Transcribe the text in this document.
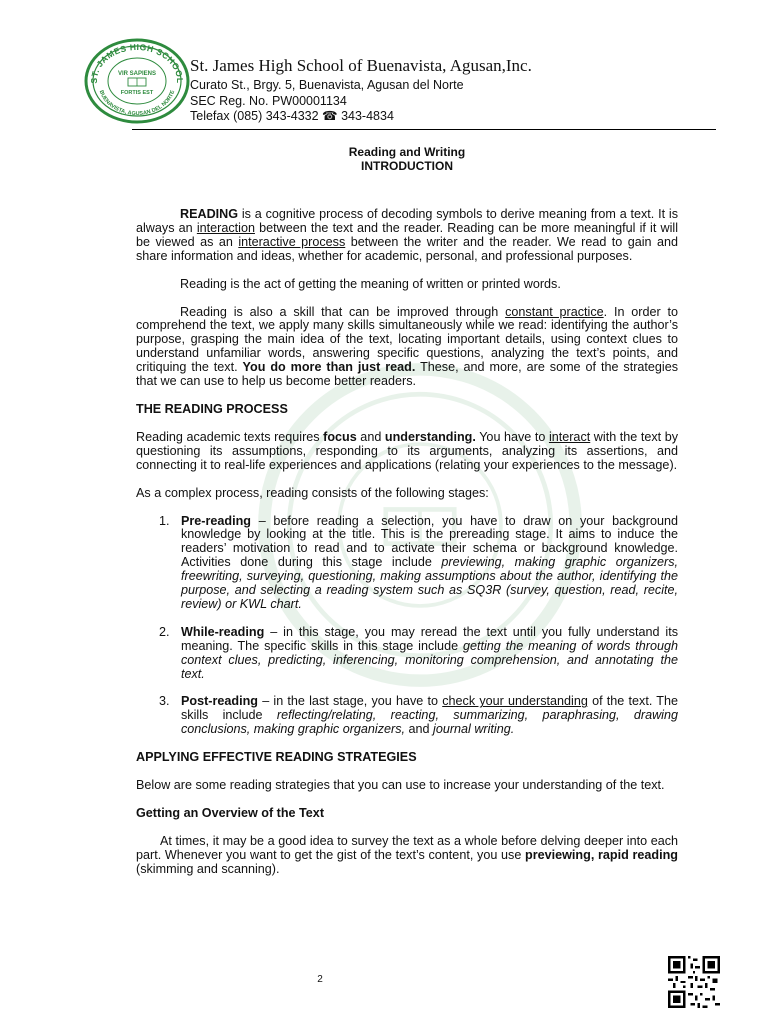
ST. JAMES HIGH SCHOOL
BUENAVISTA, AGUSAN DEL NORTE
VIR SAPIENS
FORTIS EST

St. James High School of Buenavista, Agusan,Inc.

Curato St., Brgy. 5, Buenavista, Agusan del Norte

SEC Reg. No. PW00001134

Telefax (085) 343-4332 ☎ 343-4834

Reading and Writing
INTRODUCTION

READING is a cognitive process of decoding symbols to derive meaning from a text. It is always an interaction between the text and the reader. Reading can be more meaningful if it will be viewed as an interactive process between the writer and the reader. We read to gain and share information and ideas, whether for academic, personal, and professional purposes.

Reading is the act of getting the meaning of written or printed words.

Reading is also a skill that can be improved through constant practice. In order to comprehend the text, we apply many skills simultaneously while we read: identifying the author’s purpose, grasping the main idea of the text, locating important details, using context clues to understand unfamiliar words, answering specific questions, analyzing the text’s points, and critiquing the text. You do more than just read. These, and more, are some of the strategies that we can use to help us become better readers.

THE READING PROCESS

Reading academic texts requires focus and understanding. You have to interact with the text by questioning its assumptions, responding to its arguments, analyzing its assertions, and connecting it to real-life experiences and applications (relating your experiences to the message).

As a complex process, reading consists of the following stages:

1. Pre-reading – before reading a selection, you have to draw on your background knowledge by looking at the title. This is the prereading stage. It aims to induce the readers’ motivation to read and to activate their schema or background knowledge. Activities done during this stage include previewing, making graphic organizers, freewriting, surveying, questioning, making assumptions about the author, identifying the purpose, and selecting a reading system such as SQ3R (survey, question, read, recite, review) or KWL chart.
2. While-reading – in this stage, you may reread the text until you fully understand its meaning. The specific skills in this stage include getting the meaning of words through context clues, predicting, inferencing, monitoring comprehension, and annotating the text.
3. Post-reading – in the last stage, you have to check your understanding of the text. The skills include reflecting/relating, reacting, summarizing, paraphrasing, drawing conclusions, making graphic organizers, and journal writing.

APPLYING EFFECTIVE READING STRATEGIES

Below are some reading strategies that you can use to increase your understanding of the text.

Getting an Overview of the Text

At times, it may be a good idea to survey the text as a whole before delving deeper into each part. Whenever you want to get the gist of the text’s content, you use previewing, rapid reading (skimming and scanning).

2
